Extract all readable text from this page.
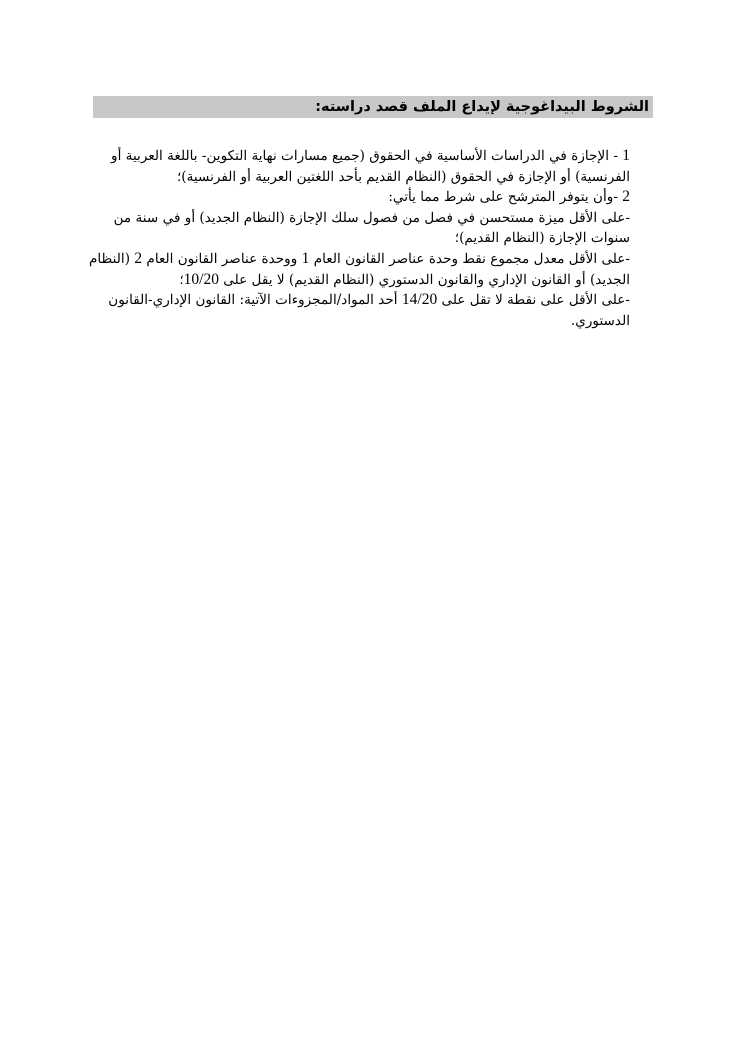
الشروط البيداغوجية لإيداع الملف قصد دراسته:

1 - الإجازة في الدراسات الأساسية في الحقوق (جميع مسارات نهاية التكوين- باللغة العربية أو الفرنسية) أو الإجازة في الحقوق (النظام القديم بأحد اللغتين العربية أو الفرنسية)؛

2 -وأن يتوفر المترشح على شرط مما يأتي:

-على الأقل ميزة مستحسن في فصل من فصول سلك الإجازة (النظام الجديد) أو في سنة من سنوات الإجازة (النظام القديم)؛

-على الأقل معدل مجموع نقط وحدة عناصر القانون العام 1 ووحدة عناصر القانون العام 2 (النظام الجديد) أو القانون الإداري والقانون الدستوري (النظام القديم) لا يقل على 10/20؛

-على الأقل على نقطة لا تقل على 14/20 أحد المواد/المجزوءات الآتية: القانون الإداري-القانون الدستوري.
